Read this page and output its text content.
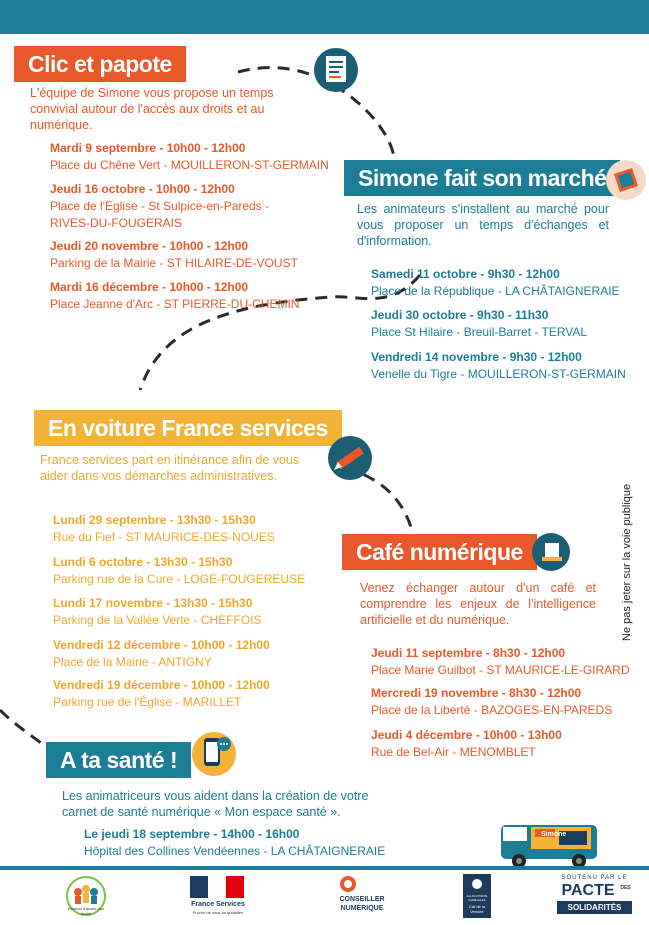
Clic et papote
L'équipe de Simone vous propose un temps convivial autour de l'accès aux droits et au numérique.
Mardi 9 septembre - 10h00 - 12h00
Place du Chêne Vert - MOUILLERON-ST-GERMAIN
Jeudi 16 octobre - 10h00 - 12h00
Place de l'Eglise - St Sulpice-en-Pareds -
RIVES-DU-FOUGERAIS
Jeudi 20 novembre - 10h00 - 12h00
Parking de la Mairie - ST HILAIRE-DE-VOUST
Mardi 16 décembre - 10h00 - 12h00
Place Jeanne d'Arc - ST PIERRE-DU-CHEMIN
Simone fait son marché
Les animateurs s'installent au marché pour vous proposer un temps d'échanges et d'information.
Samedi 11 octobre - 9h30 - 12h00
Place de la République - LA CHÂTAIGNERAIE
Jeudi 30 octobre - 9h30 - 11h30
Place St Hilaire - Breuil-Barret - TERVAL
Vendredi 14 novembre - 9h30 - 12h00
Venelle du Tigre - MOUILLERON-ST-GERMAIN
En voiture France services
France services part en itinérance afin de vous aider dans vos démarches administratives.
Lundi 29 septembre - 13h30 - 15h30
Rue du Fief - ST MAURICE-DES-NOUES
Lundi 6 octobre - 13h30 - 15h30
Parking rue de la Cure - LOGE-FOUGEREUSE
Lundi 17 novembre - 13h30 - 15h30
Parking de la Vallée Verte - CHEFFOIS
Vendredi 12 décembre - 10h00 - 12h00
Place de la Mairie - ANTIGNY
Vendredi 19 décembre - 10h00 - 12h00
Parking rue de l'Église - MARILLET
Café numérique
Venez échanger autour d'un café et comprendre les enjeux de l'intelligence artificielle et du numérique.
Jeudi 11 septembre - 8h30 - 12h00
Place Marie Guilbot - ST MAURICE-LE-GIRARD
Mercredi 19 novembre - 8h30 - 12h00
Place de la Liberté - BAZOGES-EN-PAREDS
Jeudi 4 décembre - 10h00 - 13h00
Rue de Bel-Air - MENOMBLET
A ta santé !
Les animatriceurs vous aident dans la création de votre carnet de santé numérique « Mon espace santé ».
Le jeudi 18 septembre - 14h00 - 16h00
Hôpital des Collines Vendéennes - LA CHÂTAIGNERAIE
Ne pas jeter sur la voie publique
Simone
Réseau d'accès aux droits
France Services
Proche de vous au quotidien
CONSEILLER
NUMÉRIQUE
ALLOCATIONS FAMILIALES
Caf de la Vendée
SOUTENU PAR LE
PACTE	DES
SOLIDARITÉS
